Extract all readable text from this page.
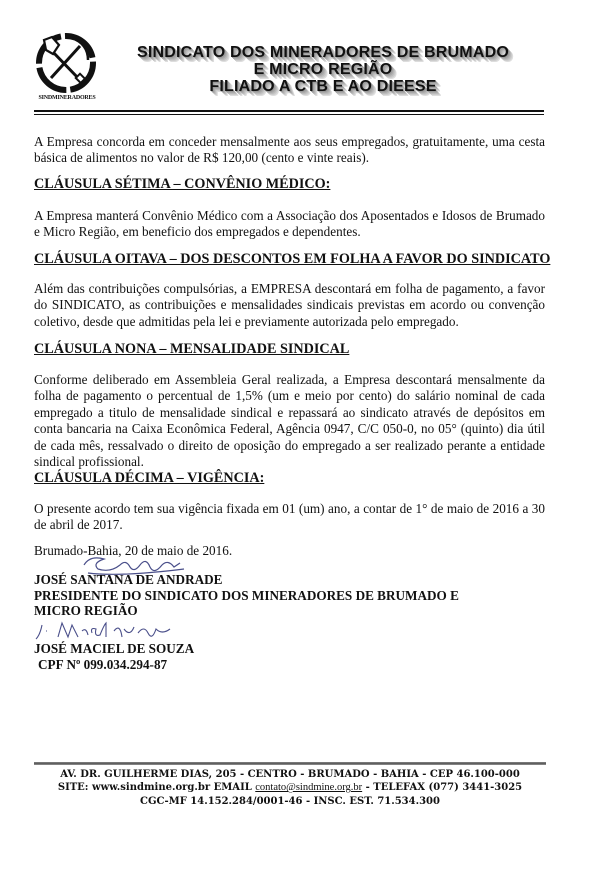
SINDMINERADORES
SINDICATO DOS MINERADORES DE BRUMADO
E MICRO REGIÃO
FILIADO A CTB E AO DIEESE
A Empresa concorda em conceder mensalmente aos seus empregados, gratuitamente, uma cesta básica de alimentos no valor de R$ 120,00 (cento e vinte reais).
CLÁUSULA SÉTIMA – CONVÊNIO MÉDICO:
A Empresa manterá Convênio Médico com a Associação dos Aposentados e Idosos de Brumado e Micro Região, em beneficio dos empregados e dependentes.
CLÁUSULA OITAVA – DOS DESCONTOS EM FOLHA A FAVOR DO SINDICATO
Além das contribuições compulsórias, a EMPRESA descontará em folha de pagamento, a favor do SINDICATO, as contribuições e mensalidades sindicais previstas em acordo ou convenção coletivo, desde que admitidas pela lei e previamente autorizada pelo empregado.
CLÁUSULA NONA – MENSALIDADE SINDICAL
Conforme deliberado em Assembleia Geral realizada, a Empresa descontará mensalmente da folha de pagamento o percentual de 1,5% (um e meio por cento) do salário nominal de cada empregado a titulo de mensalidade sindical e repassará ao sindicato através de depósitos em conta bancaria na Caixa Econômica Federal, Agência 0947, C/C 050-0, no 05° (quinto) dia útil de cada mês, ressalvado o direito de oposição do empregado a ser realizado perante a entidade sindical profissional.
CLÁUSULA DÉCIMA – VIGÊNCIA:
O presente acordo tem sua vigência fixada em 01 (um) ano, a contar de 1° de maio de 2016 a 30 de abril de 2017.
Brumado-Bahia, 20 de maio de 2016.
JOSÉ SANTANA DE ANDRADE
PRESIDENTE DO SINDICATO DOS MINERADORES DE BRUMADO E MICRO REGIÃO
JOSÉ MACIEL DE SOUZA
CPF Nº 099.034.294-87
AV. DR. GUILHERME DIAS, 205 - CENTRO - BRUMADO - BAHIA - CEP 46.100-000
SITE: www.sindmine.org.br EMAIL contato@sindmine.org.br - TELEFAX (077) 3441-3025
CGC-MF 14.152.284/0001-46 - INSC. EST. 71.534.300
